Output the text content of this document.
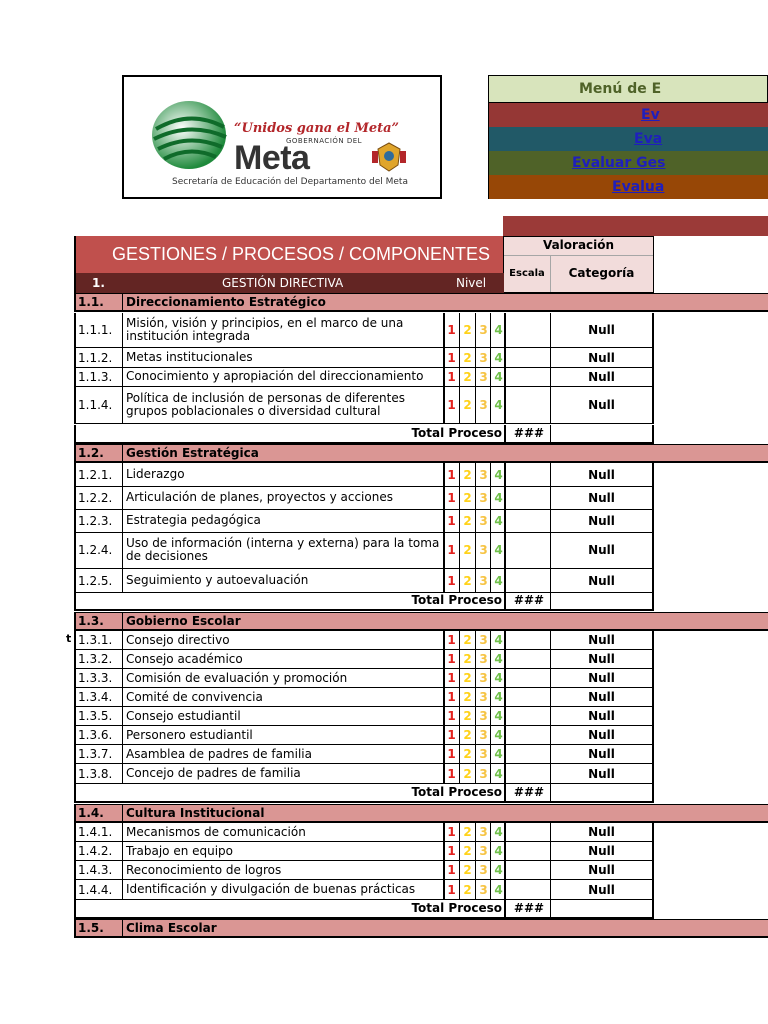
“Unidos gana el Meta”
GOBERNACIÓN DEL
Meta
Secretaría de Educación del Departamento del Meta
Menú de E
Ev
Eva
Evaluar Ges
Evalua
GESTIONES / PROCESOS / COMPONENTES	Valoración
Escala	Categoría
1.	GESTIÓN DIRECTIVA	Nivel
t
1.1. Direccionamiento Estratégico
1.1.1. Misión, visión y principios, en el marco de una institución integrada	1 2 3 4	Null
1.1.2. Metas institucionales	1 2 3 4	Null
1.1.3. Conocimiento y apropiación del direccionamiento	1 2 3 4	Null
1.1.4. Política de inclusión de personas de diferentes grupos poblacionales o diversidad cultural	1 2 3 4	Null
Total Proceso ###
1.2. Gestión Estratégica
1.2.1. Liderazgo	1 2 3 4	Null
1.2.2. Articulación de planes, proyectos y acciones	1 2 3 4	Null
1.2.3. Estrategia pedagógica	1 2 3 4	Null
1.2.4. Uso de información (interna y externa) para la toma de decisiones	1 2 3 4	Null
1.2.5. Seguimiento y autoevaluación	1 2 3 4	Null
Total Proceso ###
1.3. Gobierno Escolar
1.3.1. Consejo directivo	1 2 3 4	Null
1.3.2. Consejo académico	1 2 3 4	Null
1.3.3. Comisión de evaluación y promoción	1 2 3 4	Null
1.3.4. Comité de convivencia	1 2 3 4	Null
1.3.5. Consejo estudiantil	1 2 3 4	Null
1.3.6. Personero estudiantil	1 2 3 4	Null
1.3.7. Asamblea de padres de familia	1 2 3 4	Null
1.3.8. Concejo de padres de familia	1 2 3 4	Null
Total Proceso ###
1.4. Cultura Institucional
1.4.1. Mecanismos de comunicación	1 2 3 4	Null
1.4.2. Trabajo en equipo	1 2 3 4	Null
1.4.3. Reconocimiento de logros	1 2 3 4	Null
1.4.4. Identificación y divulgación de buenas prácticas	1 2 3 4	Null
Total Proceso ###
1.5. Clima Escolar
